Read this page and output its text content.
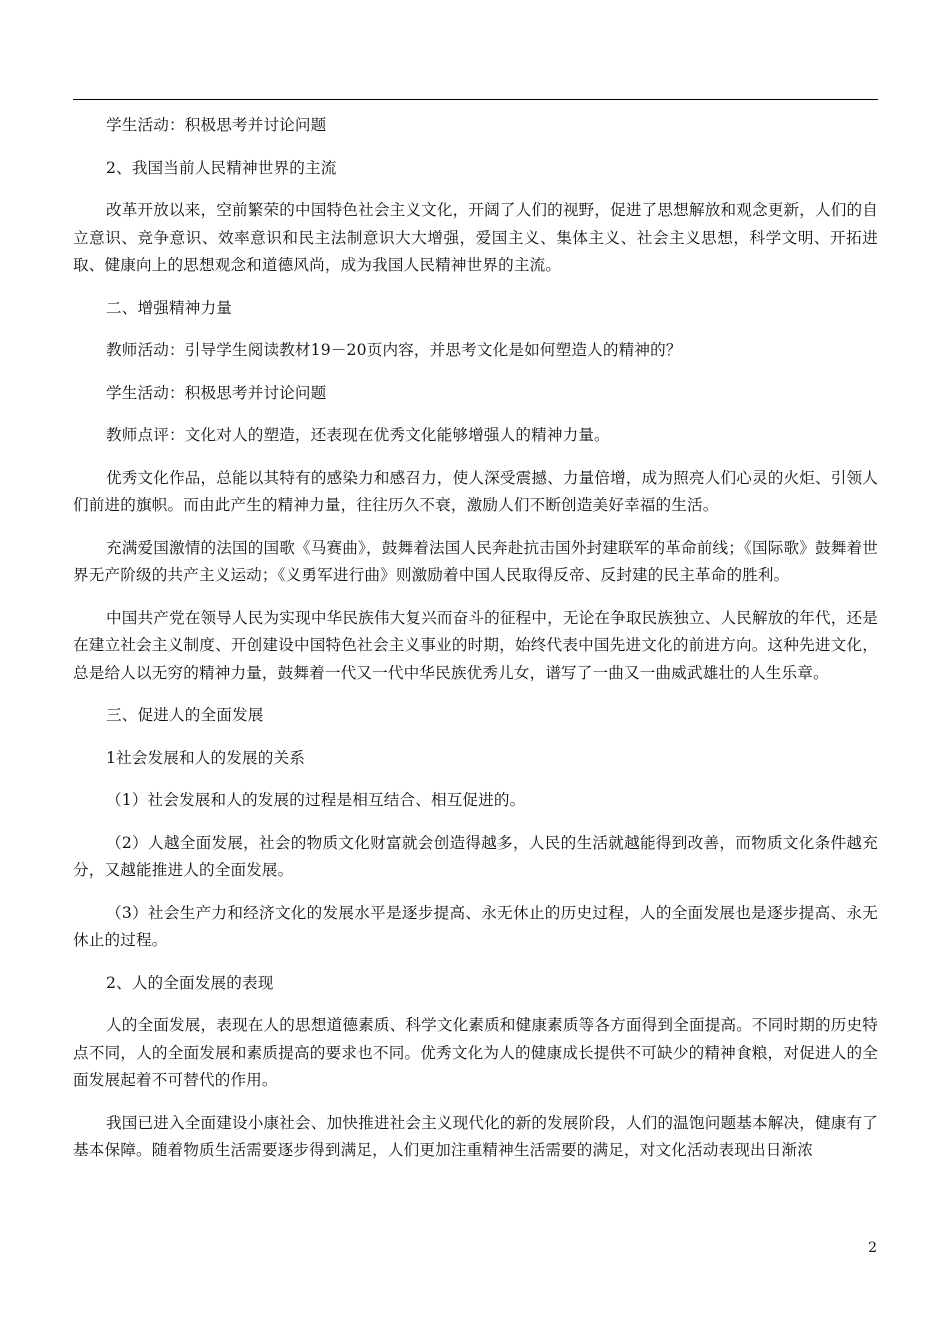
学生活动：积极思考并讨论问题

2、我国当前人民精神世界的主流

改革开放以来，空前繁荣的中国特色社会主义文化，开阔了人们的视野，促进了思想解放和观念更新，人们的自立意识、竞争意识、效率意识和民主法制意识大大增强，爱国主义、集体主义、社会主义思想，科学文明、开拓进取、健康向上的思想观念和道德风尚，成为我国人民精神世界的主流。

二、增强精神力量

教师活动：引导学生阅读教材19－20页内容，并思考文化是如何塑造人的精神的？

学生活动：积极思考并讨论问题

教师点评：文化对人的塑造，还表现在优秀文化能够增强人的精神力量。

优秀文化作品，总能以其特有的感染力和感召力，使人深受震撼、力量倍增，成为照亮人们心灵的火炬、引领人们前进的旗帜。而由此产生的精神力量，往往历久不衰，激励人们不断创造美好幸福的生活。

充满爱国激情的法国的国歌《马赛曲》，鼓舞着法国人民奔赴抗击国外封建联军的革命前线；《国际歌》鼓舞着世界无产阶级的共产主义运动；《义勇军进行曲》则激励着中国人民取得反帝、反封建的民主革命的胜利。

中国共产党在领导人民为实现中华民族伟大复兴而奋斗的征程中，无论在争取民族独立、人民解放的年代，还是在建立社会主义制度、开创建设中国特色社会主义事业的时期，始终代表中国先进文化的前进方向。这种先进文化，总是给人以无穷的精神力量，鼓舞着一代又一代中华民族优秀儿女，谱写了一曲又一曲威武雄壮的人生乐章。

三、促进人的全面发展

1社会发展和人的发展的关系

（1）社会发展和人的发展的过程是相互结合、相互促进的。

（2）人越全面发展，社会的物质文化财富就会创造得越多，人民的生活就越能得到改善，而物质文化条件越充分，又越能推进人的全面发展。

（3）社会生产力和经济文化的发展水平是逐步提高、永无休止的历史过程，人的全面发展也是逐步提高、永无休止的过程。

2、人的全面发展的表现

人的全面发展，表现在人的思想道德素质、科学文化素质和健康素质等各方面得到全面提高。不同时期的历史特点不同，人的全面发展和素质提高的要求也不同。优秀文化为人的健康成长提供不可缺少的精神食粮，对促进人的全面发展起着不可替代的作用。

我国已进入全面建设小康社会、加快推进社会主义现代化的新的发展阶段，人们的温饱问题基本解决，健康有了基本保障。随着物质生活需要逐步得到满足，人们更加注重精神生活需要的满足，对文化活动表现出日渐浓

2
